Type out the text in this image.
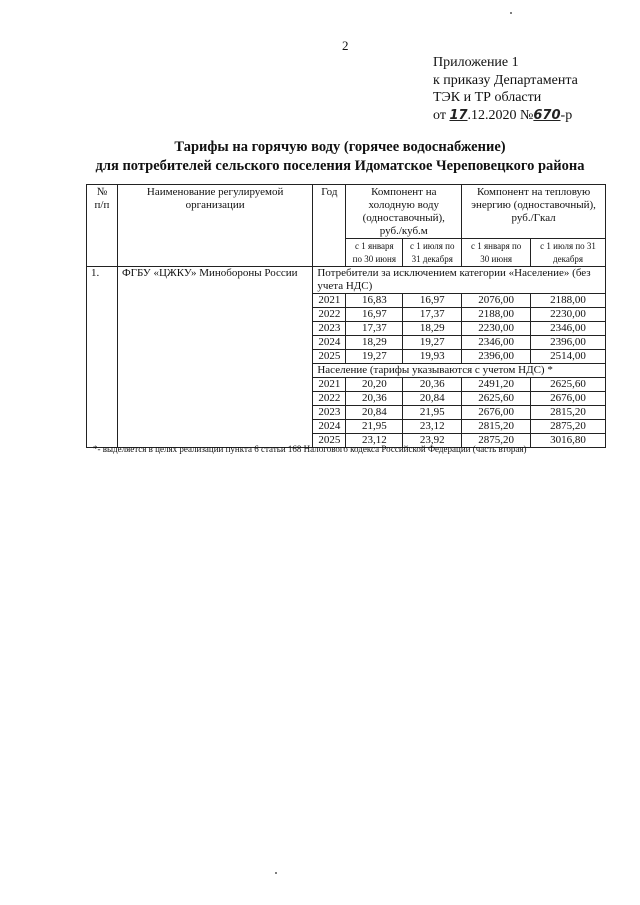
2
Приложение 1
к приказу Департамента
ТЭК и ТР области
от 17.12.2020 №670-р
Тарифы на горячую воду (горячее водоснабжение)
для потребителей сельского поселения Идоматское Череповецкого района
№ п/п	Наименование регулируемой организации	Год	Компонент на холодную воду (одноставочный), руб./куб.м		Компонент на тепловую энергию (одноставочный), руб./Гкал	
			с 1 января по 30 июня	с 1 июля по 31 декабря	с 1 января по 30 июня	с 1 июля по 31 декабря
1.	ФГБУ «ЦЖКУ» Минобороны России	Потребители за исключением категории «Население» (без учета НДС)				
		2021	16,83	16,97	2076,00	2188,00
		2022	16,97	17,37	2188,00	2230,00
		2023	17,37	18,29	2230,00	2346,00
		2024	18,29	19,27	2346,00	2396,00
		2025	19,27	19,93	2396,00	2514,00
		Население (тарифы указываются с учетом НДС) *				
		2021	20,20	20,36	2491,20	2625,60
		2022	20,36	20,84	2625,60	2676,00
		2023	20,84	21,95	2676,00	2815,20
		2024	21,95	23,12	2815,20	2875,20
		2025	23,12	23,92	2875,20	3016,80
*- выделяется в целях реализации пункта 6 статьи 168 Налогового кодекса Российской Федерации (часть вторая)
